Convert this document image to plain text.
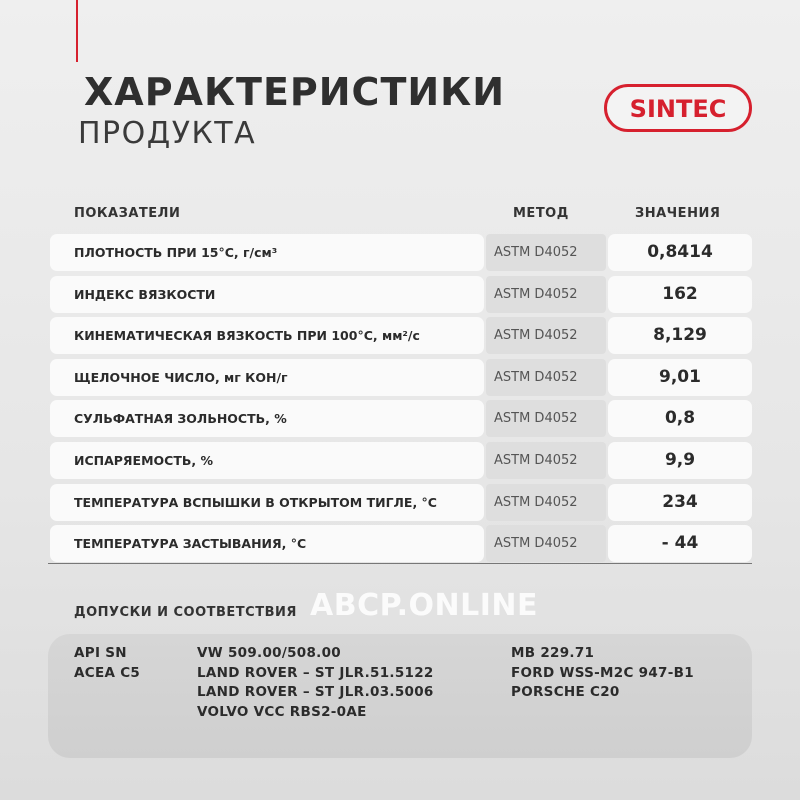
ХАРАКТЕРИСТИКИ
ПРОДУКТА
SINTEC
ПОКАЗАТЕЛИ	МЕТОД	ЗНАЧЕНИЯ
ПЛОТНОСТЬ ПРИ 15°С, г/см³	ASTM D4052	0,8414
ИНДЕКС ВЯЗКОСТИ	ASTM D4052	162
КИНЕМАТИЧЕСКАЯ ВЯЗКОСТЬ ПРИ 100°С, мм²/с	ASTM D4052	8,129
ЩЕЛОЧНОЕ ЧИСЛО, мг КОН/г	ASTM D4052	9,01
СУЛЬФАТНАЯ ЗОЛЬНОСТЬ, %	ASTM D4052	0,8
ИСПАРЯЕМОСТЬ, %	ASTM D4052	9,9
ТЕМПЕРАТУРА ВСПЫШКИ В ОТКРЫТОМ ТИГЛЕ, °С	ASTM D4052	234
ТЕМПЕРАТУРА ЗАСТЫВАНИЯ, °С	ASTM D4052	- 44
ДОПУСКИ И СООТВЕТСТВИЯ ABCP.ONLINE
API SN
ACEA C5
VW 509.00/508.00
LAND ROVER – ST JLR.51.5122
LAND ROVER – ST JLR.03.5006
VOLVO VCC RBS2-0AE
MB 229.71
FORD WSS-M2C 947-B1
PORSCHE C20
